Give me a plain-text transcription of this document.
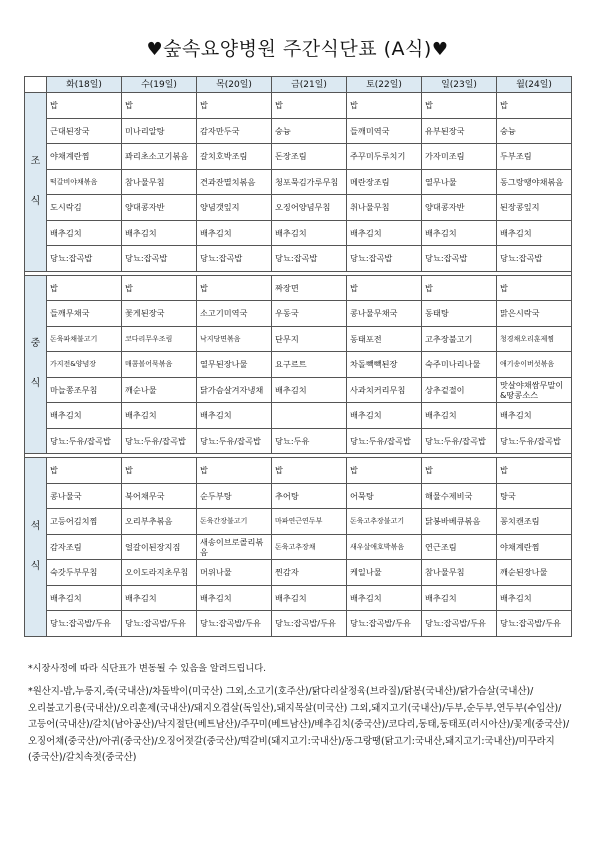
♥숲속요양병원 주간식단표 (A식)♥
	화(18일)	수(19일)	목(20일)	금(21일)	토(22일)	일(23일)	월(24일)
조

식	밥	밥	밥	밥	밥	밥	밥
	근대된장국	미나리알탕	감자만두국	숭늉	들깨미역국	유부된장국	숭늉
	야채계란찜	꽈리초소고기볶음	갈치호박조림	돈장조림	주꾸미두루치기	가자미조림	두부조림
	떡갈비야채볶음	참나물무침	견과잔멸치볶음	청포묵김가루무침	메란장조림	열무나물	동그랑땡야채볶음
	도시락김	양대콩자반	양념갯잎지	오징어양념무침	취나물무침	양대콩자반	된장콩잎지
	배추김치	배추김치	배추김치	배추김치	배추김치	배추김치	배추김치
	당뇨:잡곡밥	당뇨:잡곡밥	당뇨:잡곡밥	당뇨:잡곡밥	당뇨:잡곡밥	당뇨:잡곡밥	당뇨:잡곡밥

중

식	밥	밥	밥	짜장면	밥	밥	밥
	들깨무채국	꽃게된장국	소고기미역국	우동국	콩나물무채국	동태탕	맑은시락국
	돈육파채불고기	코다리무우조림	낙지당면볶음	단무지	동태포전	고추장불고기	청경채오리훈제찜
	가지전&양념장	매콤볼어묵볶음	열무된장나물	요구르트	차돌빽빽된장	숙주미나리나물	애기송이버섯볶음
	마늘쫑조무침	깨순나물	닭가슴살겨자냉채	배추김치	사과치커리무침	상추겉절이	맛살야채쌈무말이&땅콩소스
	배추김치	배추김치	배추김치		배추김치	배추김치	배추김치
	당뇨:두유/잡곡밥	당뇨:두유/잡곡밥	당뇨:두유/잡곡밥	당뇨:두유	당뇨:두유/잡곡밥	당뇨:두유/잡곡밥	당뇨:두유/잡곡밥

석

식	밥	밥	밥	밥	밥	밥	밥
	콩나물국	북어채무국	순두부탕	추어탕	어묵탕	해물수제비국	탕국
	고등어김치찜	오리부추볶음	돈육간장불고기	마파연근연두부	돈육고추장불고기	닭봉바베큐볶음	꽁치캔조림
	감자조림	얼갈이된장지짐	새송이브로콜리볶음	돈육고추장채	새우살애호박볶음	연근조림	야채계란찜
	숙갓두부무침	오이도라지초무침	머위나물	찐감자	케일나물	참나물무침	깨순된장나물
	배추김치	배추김치	배추김치	배추김치	배추김치	배추김치	배추김치
	당뇨:잡곡밥/두유	당뇨:잡곡밥/두유	당뇨:잡곡밥/두유	당뇨:잡곡밥/두유	당뇨:잡곡밥/두유	당뇨:잡곡밥/두유	당뇨:잡곡밥/두유
*시장사정에 따라 식단표가 변동될 수 있음을 알려드립니다.
*원산지-밥,누룽지,죽(국내산)/차돌박이(미국산) 그외,소고기(호주산)/닭다리살정육(브라질)/닭봉(국내산)/닭가슴살(국내산)/오리불고기용(국내산)/오리훈제(국내산)/돼지오겹살(독일산),돼지목살(미국산) 그외,돼지고기(국내산)/두부,순두부,연두부(수입산)/고등어(국내산)/갈치(남아공산)/낙지절단(베트남산)/주꾸미(베트남산)/배추김치(중국산)/코다리,동태,동태포(러시아산)/꽃게(중국산)/오징어채(중국산)/아귀(중국산)/오징어젓갈(중국산)/떡갈비(돼지고기:국내산)/동그랑땡(닭고기:국내산,돼지고기:국내산)/미꾸라지(중국산)/갈치속젓(중국산)
